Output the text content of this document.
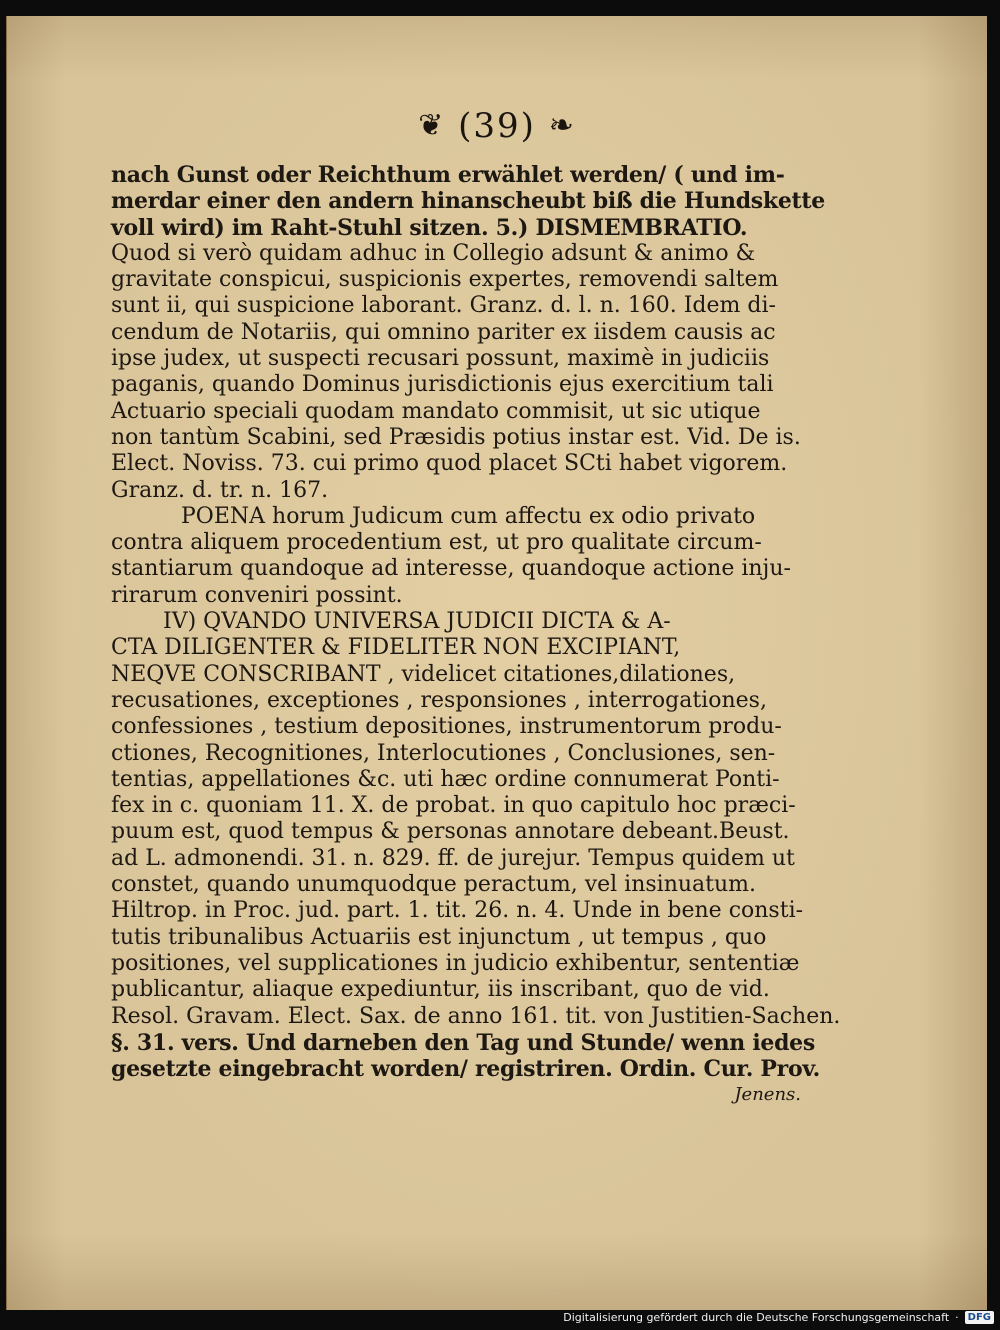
❦ (39) ❧
nach Gunst oder Reichthum erwählet werden/ ( und im-
merdar einer den andern hinanscheubt biß die Hundskette
voll wird) im Raht-Stuhl sitzen. 5.) DISMEMBRATIO.
Quod si verò quidam adhuc in Collegio adsunt & animo &
gravitate conspicui, suspicionis expertes, removendi saltem
sunt ii, qui suspicione laborant. Granz. d. l. n. 160. Idem di-
cendum de Notariis, qui omnino pariter ex iisdem causis ac
ipse judex, ut suspecti recusari possunt, maximè in judiciis
paganis, quando Dominus jurisdictionis ejus exercitium tali
Actuario speciali quodam mandato commisit, ut sic utique
non tantùm Scabini, sed Præsidis potius instar est. Vid. De is.
Elect. Noviss. 73. cui primo quod placet SCti habet vigorem.
Granz. d. tr. n. 167.
POENA horum Judicum cum affectu ex odio privato
contra aliquem procedentium est, ut pro qualitate circum-
stantiarum quandoque ad interesse, quandoque actione inju-
rirarum conveniri possint.
IV) QVANDO UNIVERSA JUDICII DICTA & A-
CTA DILIGENTER & FIDELITER NON EXCIPIANT,
NEQVE CONSCRIBANT , videlicet citationes,dilationes,
recusationes, exceptiones , responsiones , interrogationes,
confessiones , testium depositiones, instrumentorum produ-
ctiones, Recognitiones, Interlocutiones , Conclusiones, sen-
tentias, appellationes &c. uti hæc ordine connumerat Ponti-
fex in c. quoniam 11. X. de probat. in quo capitulo hoc præci-
puum est, quod tempus & personas annotare debeant.Beust.
ad L. admonendi. 31. n. 829. ff. de jurejur. Tempus quidem ut
constet, quando unumquodque peractum, vel insinuatum.
Hiltrop. in Proc. jud. part. 1. tit. 26. n. 4. Unde in bene consti-
tutis tribunalibus Actuariis est injunctum , ut tempus , quo
positiones, vel supplicationes in judicio exhibentur, sententiæ
publicantur, aliaque expediuntur, iis inscribant, quo de vid.
Resol. Gravam. Elect. Sax. de anno 161. tit. von Justitien-Sachen.
§. 31. vers. Und darneben den Tag und Stunde/ wenn iedes
gesetzte eingebracht worden/ registriren. Ordin. Cur. Prov.
Jenens.
Digitalisierung gefördert durch die Deutsche Forschungsgemeinschaft · DFG
